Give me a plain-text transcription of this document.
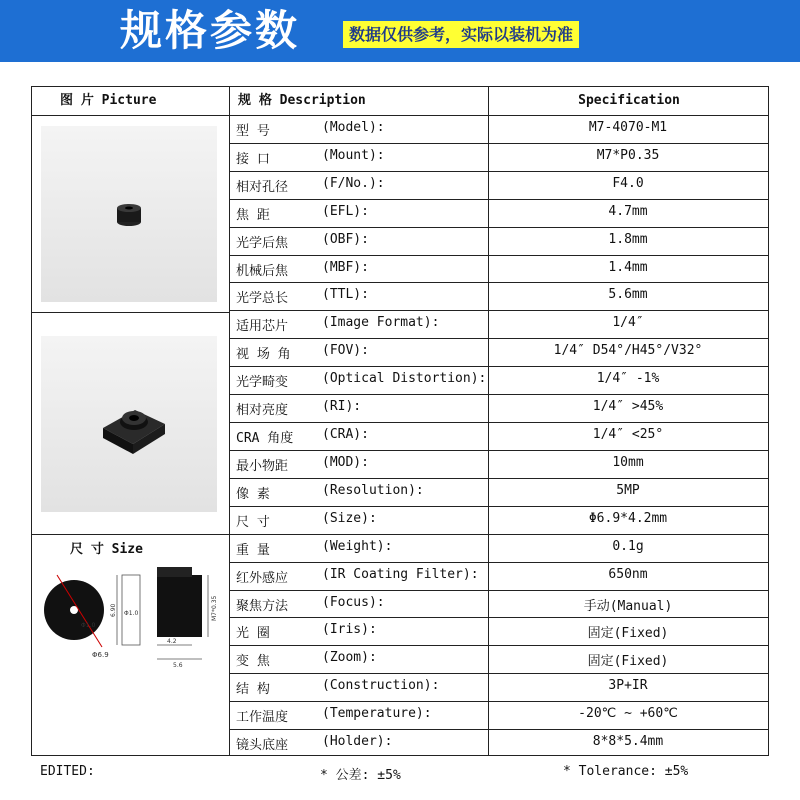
规格参数	数据仅供参考，实际以装机为准
图 片 Picture	规 格 Description	Specification
型 号	(Model):	M7-4070-M1
接 口	(Mount):	M7*P0.35
相对孔径	(F/No.):	F4.0
焦 距	(EFL):	4.7mm
光学后焦	(OBF):	1.8mm
机械后焦	(MBF):	1.4mm
光学总长	(TTL):	5.6mm
适用芯片	(Image Format):	1/4″
视 场 角 (FOV):	1/4″ D54°/H45°/V32°
光学畸变	(Optical Distortion):	1/4″ -1%
相对亮度	(RI):	1/4″ >45%
CRA 角度 (CRA):	1/4″ <25°
最小物距	(MOD):	10mm
像 素	(Resolution):	5MP
尺 寸	(Size):	Φ6.9*4.2mm
重 量	(Weight):	0.1g
红外感应	(IR Coating Filter):	650nm
聚焦方法	(Focus):	手动(Manual)
光 圈	(Iris):	固定(Fixed)
变 焦	(Zoom):	固定(Fixed)
结 构	(Construction):	3P+IR
工作温度	(Temperature):	-20℃ ~ +60℃
镜头底座	(Holder):	8*8*5.4mm
尺 寸 Size
Φ6.9
Φ1.0
6.90 Φ1.0	M7*0.35
4.2
5.6
EDITED:	* 公差: ±5%	* Tolerance: ±5%
